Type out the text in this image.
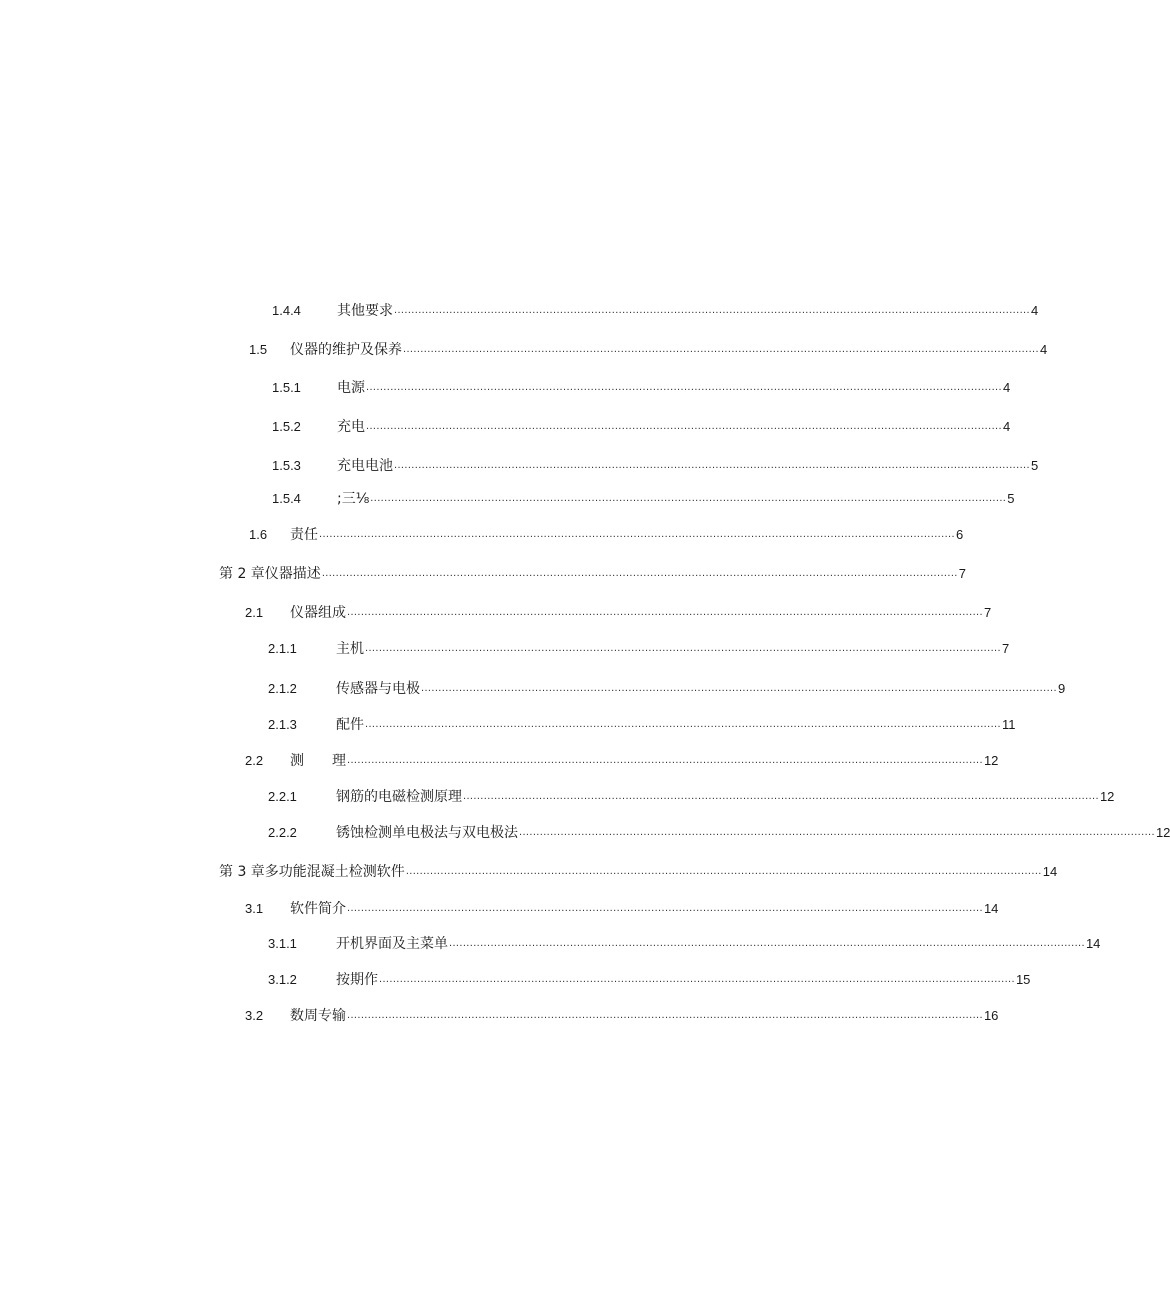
1.4.4	其他要求 ........................................................................................................................................................................................ 4
1.5	仪器的维护及保养 ........................................................................................................................................................................................ 4
1.5.1	电源 ........................................................................................................................................................................................ 4
1.5.2	充电 ........................................................................................................................................................................................ 4
1.5.3	充电电池 ........................................................................................................................................................................................ 5
1.5.4	;三⅛ ........................................................................................................................................................................................ 5
1.6	责任 ........................................................................................................................................................................................ 6
第 2 章仪器描述 ........................................................................................................................................................................................ 7
2.1	仪器组成 ........................................................................................................................................................................................ 7
2.1.1	主机 ........................................................................................................................................................................................ 7
2.1.2	传感器与电极 ........................................................................................................................................................................................ 9
2.1.3	配件 ........................................................................................................................................................................................ 11
2.2	测　　理 ........................................................................................................................................................................................ 12
2.2.1	钢筋的电磁检测原理 ........................................................................................................................................................................................ 12
2.2.2	锈蚀检测单电极法与双电极法 ........................................................................................................................................................................................ 12
第 3 章多功能混凝土检测软件 ........................................................................................................................................................................................ 14
3.1	软件简介 ........................................................................................................................................................................................ 14
3.1.1	开机界面及主菜单 ........................................................................................................................................................................................ 14
3.1.2	按期作 ........................................................................................................................................................................................ 15
3.2	数周专输 ........................................................................................................................................................................................ 16
